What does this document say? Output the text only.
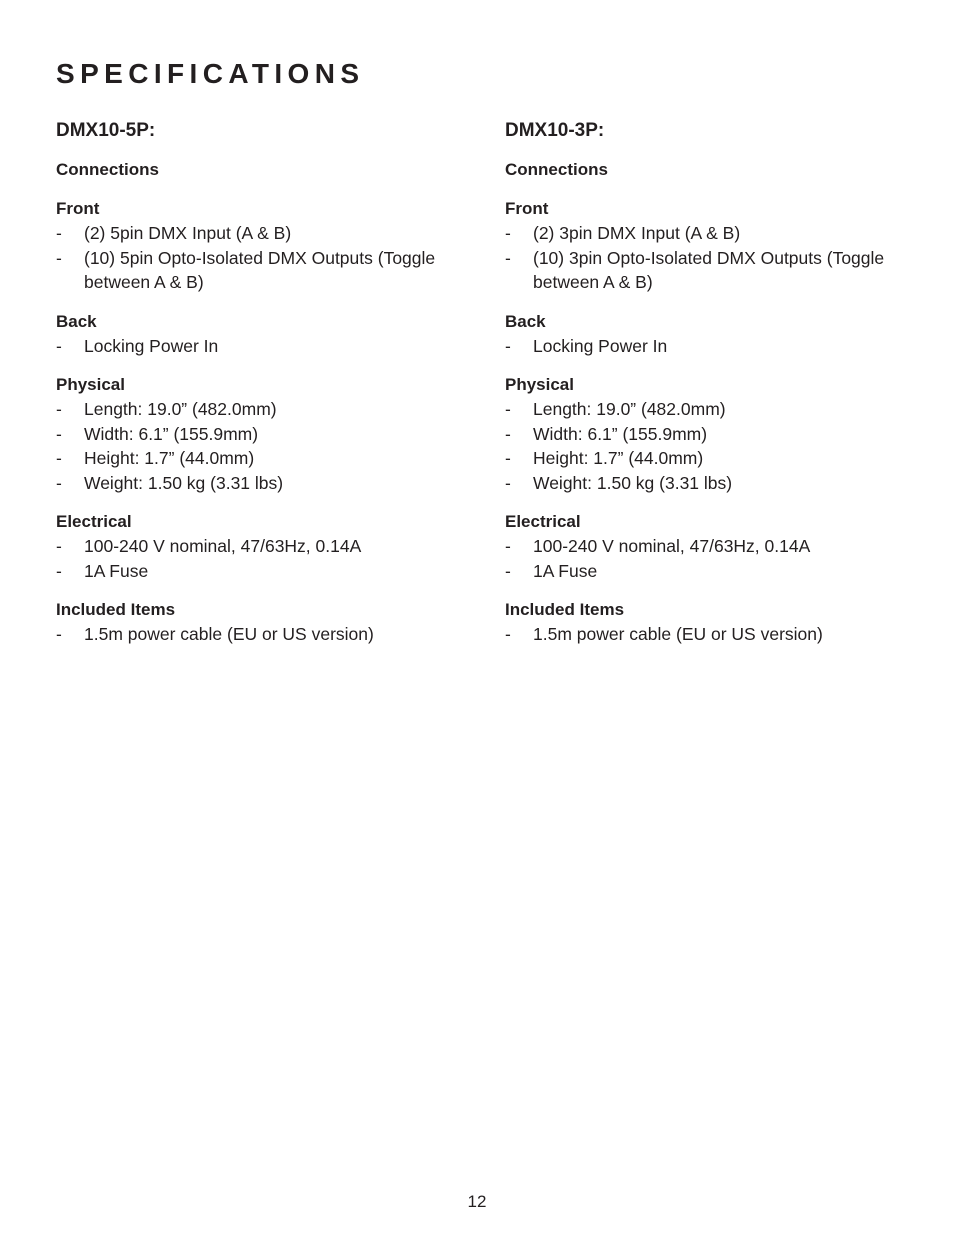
SPECIFICATIONS
DMX10-5P:
Connections
Front
- (2) 5pin DMX Input (A & B)
- (10) 5pin Opto-Isolated DMX Outputs (Toggle between A & B)
Back
- Locking Power In
Physical
- Length: 19.0” (482.0mm)
- Width: 6.1” (155.9mm)
- Height: 1.7” (44.0mm)
- Weight: 1.50 kg (3.31 lbs)
Electrical
- 100-240 V nominal, 47/63Hz, 0.14A
- 1A Fuse
Included Items
- 1.5m power cable (EU or US version)
DMX10-3P:
Connections
Front
- (2) 3pin DMX Input (A & B)
- (10) 3pin Opto-Isolated DMX Outputs (Toggle between A & B)
Back
- Locking Power In
Physical
- Length: 19.0” (482.0mm)
- Width: 6.1” (155.9mm)
- Height: 1.7” (44.0mm)
- Weight: 1.50 kg (3.31 lbs)
Electrical
- 100-240 V nominal, 47/63Hz, 0.14A
- 1A Fuse
Included Items
- 1.5m power cable (EU or US version)
12
